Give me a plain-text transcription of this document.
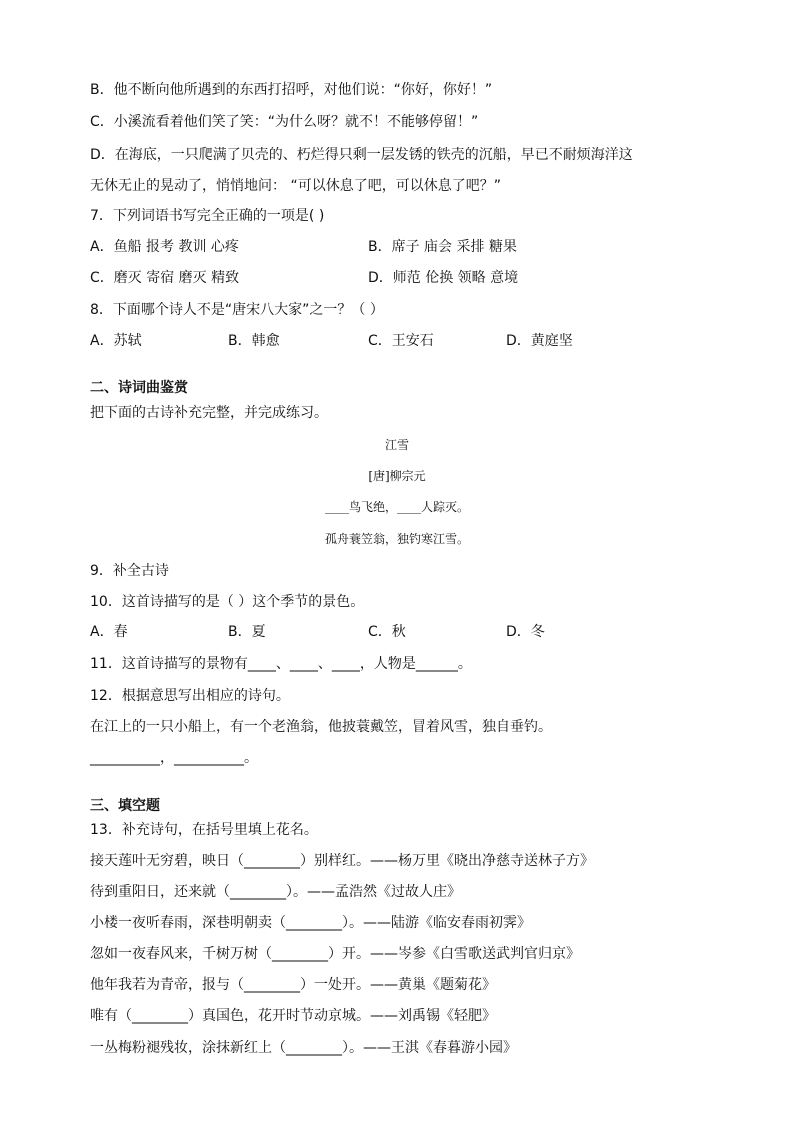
B．他不断向他所遇到的东西打招呼，对他们说：“你好，你好！”
C．小溪流看着他们笑了笑：“为什么呀？就不！不能够停留！”
D．在海底，一只爬满了贝壳的、朽烂得只剩一层发锈的铁壳的沉船，早已不耐烦海洋这
无休无止的晃动了，悄悄地问： “可以休息了吧，可以休息了吧？”
7．下列词语书写完全正确的一项是( )
A．鱼船 报考 教训 心疼	B．席子 庙会 采排 糖果
C．磨灭 寄宿 磨灭 精致	D．师范 伦换 领略 意境
8．下面哪个诗人不是“唐宋八大家”之一？（ ）
A．苏轼	B．韩愈	C．王安石	D．黄庭坚
二、诗词曲鉴赏
把下面的古诗补充完整，并完成练习。
江雪
[唐]柳宗元
____鸟飞绝，____人踪灭。
孤舟蓑笠翁，独钓寒江雪。
9．补全古诗
10．这首诗描写的是（ ）这个季节的景色。
A．春	B．夏	C．秋	D．冬
11．这首诗描写的景物有____、____、____，人物是______。
12．根据意思写出相应的诗句。
在江上的一只小船上，有一个老渔翁，他披蓑戴笠，冒着风雪，独自垂钓。
__________，__________。
三、填空题
13．补充诗句，在括号里填上花名。
接天莲叶无穷碧，映日（________）别样红。——杨万里《晓出净慈寺送林子方》
待到重阳日，还来就（________）。——孟浩然《过故人庄》
小楼一夜听春雨，深巷明朝卖（________）。——陆游《临安春雨初霁》
忽如一夜春风来，千树万树（________）开。——岑参《白雪歌送武判官归京》
他年我若为青帝，报与（________）一处开。——黄巢《题菊花》
唯有（________）真国色，花开时节动京城。——刘禹锡《轻肥》
一丛梅粉褪残妆，涂抹新红上（________）。——王淇《春暮游小园》
